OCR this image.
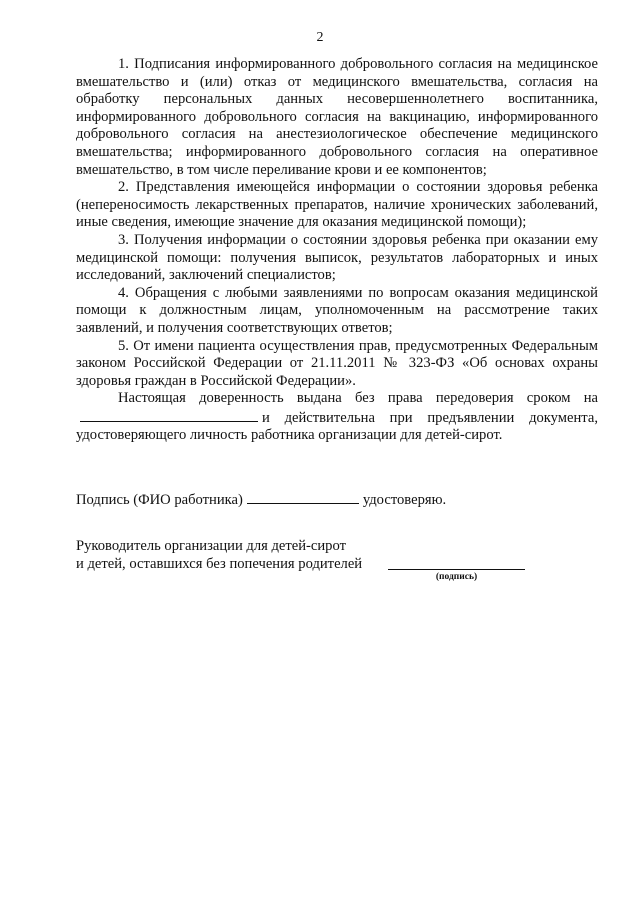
2

1. Подписания информированного добровольного согласия на медицинское вмешательство и (или) отказ от медицинского вмешательства, согласия на обработку персональных данных несовершеннолетнего воспитанника, информированного добровольного согласия на вакцинацию, информированного добровольного согласия на анестезиологическое обеспечение медицинского вмешательства; информированного добровольного согласия на оперативное вмешательство, в том числе переливание крови и ее компонентов;

2. Представления имеющейся информации о состоянии здоровья ребенка (непереносимость лекарственных препаратов, наличие хронических заболеваний, иные сведения, имеющие значение для оказания медицинской помощи);

3. Получения информации о состоянии здоровья ребенка при оказании ему медицинской помощи: получения выписок, результатов лабораторных и иных исследований, заключений специалистов;

4. Обращения с любыми заявлениями по вопросам оказания медицинской помощи к должностным лицам, уполномоченным на рассмотрение таких заявлений, и получения соответствующих ответов;

5. От имени пациента осуществления прав, предусмотренных Федеральным законом Российской Федерации от 21.11.2011 № 323-ФЗ «Об основах охраны здоровья граждан в Российской Федерации».

Настоящая доверенность выдана без права передоверия сроком наи действительна при предъявлении документа, удостоверяющего личность работника организации для детей-сирот.

Подпись (ФИО работника)	удостоверяю.

Руководитель организации для детей-сирот

и детей, оставшихся без попечения родителей

(подпись)
